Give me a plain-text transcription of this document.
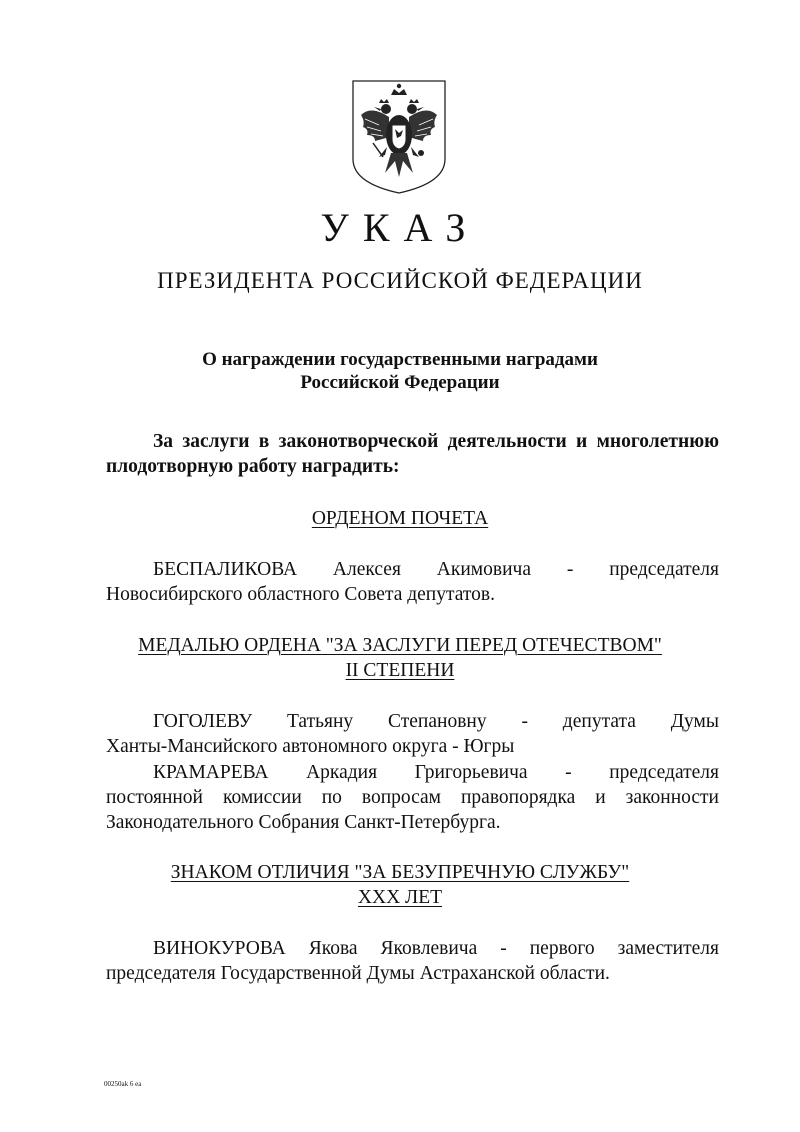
УКАЗ
ПРЕЗИДЕНТА РОССИЙСКОЙ ФЕДЕРАЦИИ
О награждении государственными наградами
Российской Федерации
За заслуги в законотворческой деятельности и многолетнюю
плодотворную работу наградить:
ОРДЕНОМ ПОЧЕТА
БЕСПАЛИКОВА Алексея Акимовича - председателя
Новосибирского областного Совета депутатов.
МЕДАЛЬЮ ОРДЕНА "ЗА ЗАСЛУГИ ПЕРЕД ОТЕЧЕСТВОМ"
II СТЕПЕНИ
ГОГОЛЕВУ Татьяну Степановну - депутата Думы
Ханты-Мансийского автономного округа - Югры
КРАМАРЕВА Аркадия Григорьевича - председателя
постоянной комиссии по вопросам правопорядка и законности
Законодательного Собрания Санкт-Петербурга.
ЗНАКОМ ОТЛИЧИЯ "ЗА БЕЗУПРЕЧНУЮ СЛУЖБУ"
XXX ЛЕТ
ВИНОКУРОВА Якова Яковлевича - первого заместителя
председателя Государственной Думы Астраханской области.
00250ak 6 ea
